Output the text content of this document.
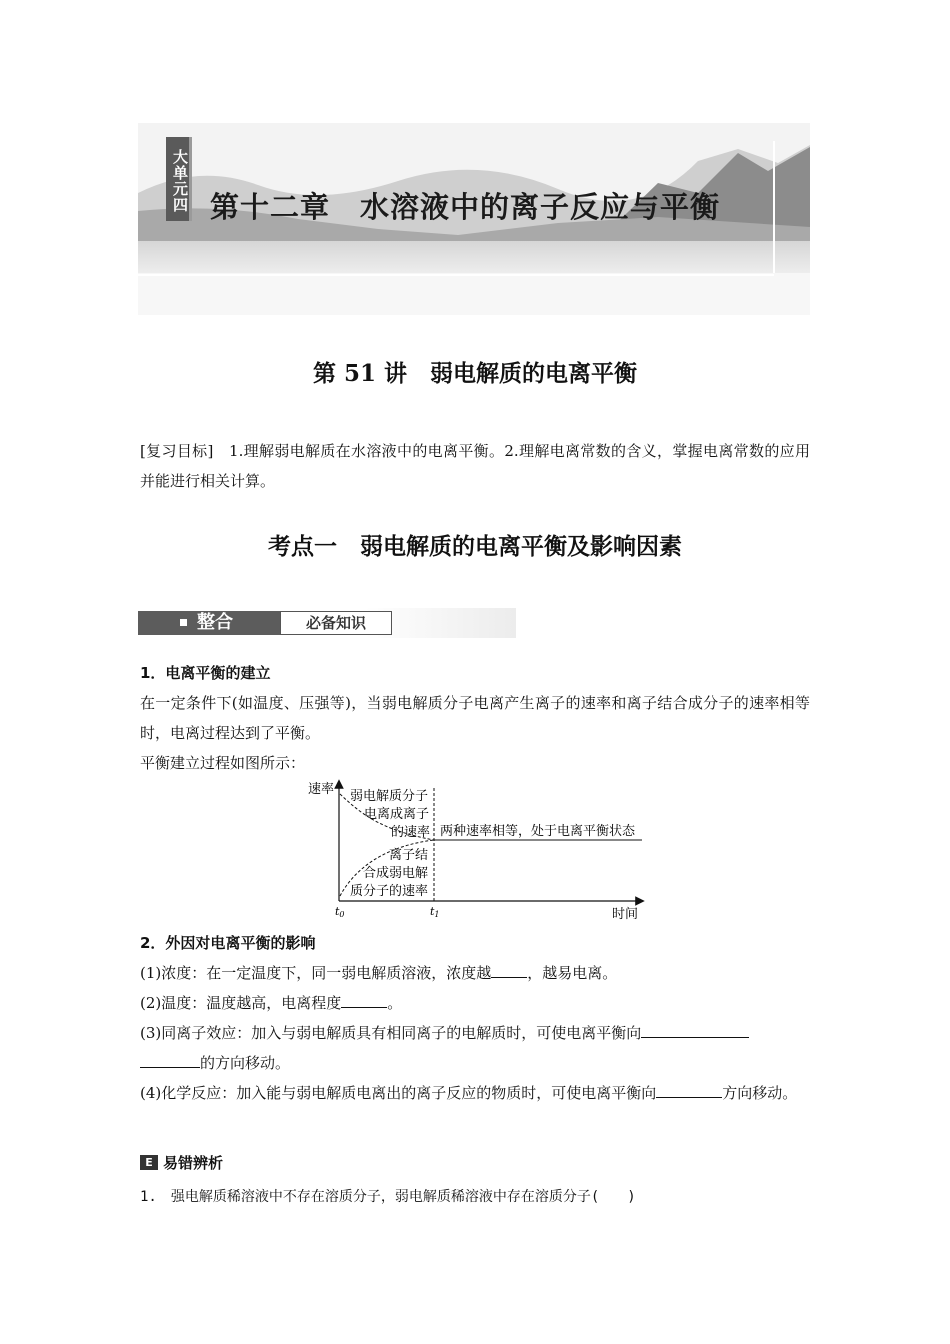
大单元四 第十二章　水溶液中的离子反应与平衡
第 51 讲　弱电解质的电离平衡
[复习目标]　1.理解弱电解质在水溶液中的电离平衡。2.理解电离常数的含义，掌握电离常数的应用并能进行相关计算。
考点一　弱电解质的电离平衡及影响因素
整合	必备知识
1．电离平衡的建立
在一定条件下(如温度、压强等)，当弱电解质分子电离产生离子的速率和离子结合成分子的速率相等时，电离过程达到了平衡。
平衡建立过程如图所示：
速率
时间
t0	t1
弱电解质分子
电离成离子
的速率
离子结
合成弱电解
质分子的速率
两种速率相等，处于电离平衡状态
2．外因对电离平衡的影响
(1)浓度：在一定温度下，同一弱电解质溶液，浓度越 ，越易电离。
(2)温度：温度越高，电离程度	。
(3)同离子效应：加入与弱电解质具有相同离子的电解质时，可使电离平衡向
的方向移动。
(4)化学反应：加入能与弱电解质电离出的离子反应的物质时，可使电离平衡向	方向移动。
E 易错辨析
1.　强电解质稀溶液中不存在溶质分子，弱电解质稀溶液中存在溶质分子(　　)
